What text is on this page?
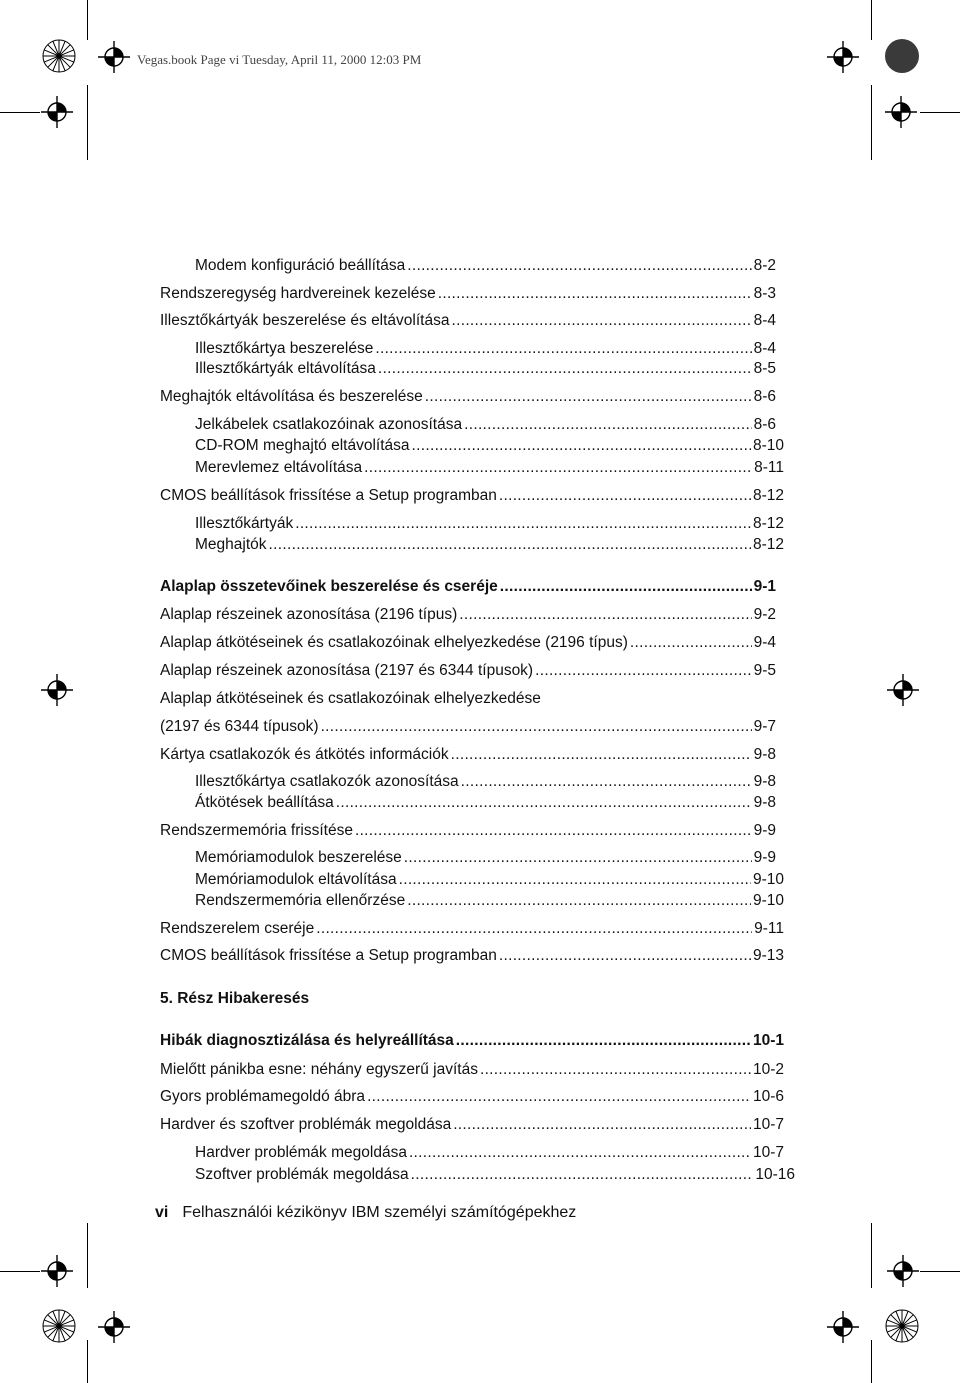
Vegas.book Page vi Tuesday, April 11, 2000 12:03 PM
Modem konfiguráció beállítása . . .	8-2
Rendszeregység hardvereinek kezelése . . .	8-3
Illesztőkártyák beszerelése és eltávolítása . . .	8-4
Illesztőkártya beszerelése . . .	8-4
Illesztőkártyák eltávolítása . . .	8-5
Meghajtók eltávolítása és beszerelése . . .	8-6
Jelkábelek csatlakozóinak azonosítása . . .	8-6
CD-ROM meghajtó eltávolítása . . .	8-10
Merevlemez eltávolítása . . .	8-11
CMOS beállítások frissítése a Setup programban . . .	8-12
Illesztőkártyák . . .	8-12
Meghajtók . . .	8-12
Alaplap összetevőinek beszerelése és cseréje . . .	9-1
Alaplap részeinek azonosítása (2196 típus) . . .	9-2
Alaplap átkötéseinek és csatlakozóinak elhelyezkedése (2196 típus) . . .	9-4
Alaplap részeinek azonosítása (2197 és 6344 típusok) . . .	9-5
Alaplap átkötéseinek és csatlakozóinak elhelyezkedése
(2197 és 6344 típusok) . . .	9-7
Kártya csatlakozók és átkötés információk . . .	9-8
Illesztőkártya csatlakozók azonosítása . . .	9-8
Átkötések beállítása . . .	9-8
Rendszermemória frissítése . . .	9-9
Memóriamodulok beszerelése . . .	9-9
Memóriamodulok eltávolítása . . .	9-10
Rendszermemória ellenőrzése . . .	9-10
Rendszerelem cseréje . . .	9-11
CMOS beállítások frissítése a Setup programban . . .	9-13
5. Rész Hibakeresés
Hibák diagnosztizálása és helyreállítása . . .	10-1
Mielőtt pánikba esne: néhány egyszerű javítás . . .	10-2
Gyors problémamegoldó ábra . . .	10-6
Hardver és szoftver problémák megoldása . . .	10-7
Hardver problémák megoldása . . .	10-7
Szoftver problémák megoldása . . .	10-16
vi Felhasználói kézikönyv IBM személyi számítógépekhez
